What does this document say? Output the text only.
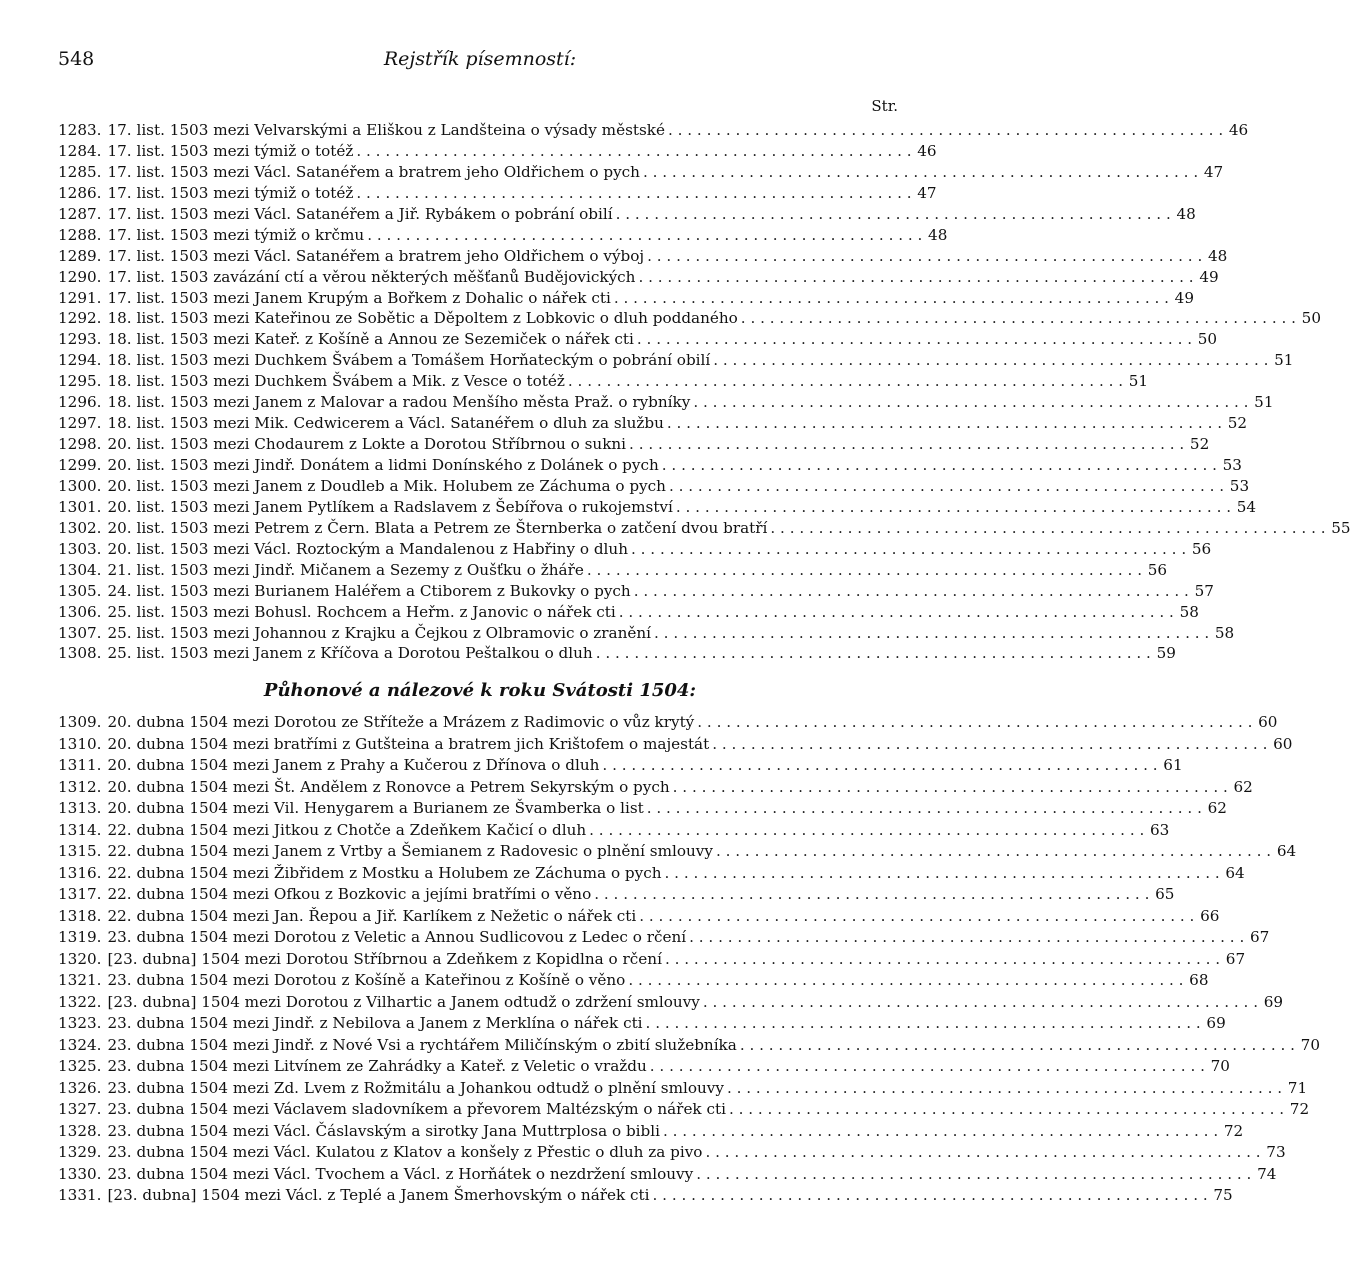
548	Rejstřík písemností:
Str.
1283. 17. list. 1503 mezi Velvarskými a Eliškou z Landšteina o výsady městské . . .	46
1284. 17. list. 1503 mezi týmiž o totéž . . .	46
1285. 17. list. 1503 mezi Václ. Satanéřem a bratrem jeho Oldřichem o pych . . .	47
1286. 17. list. 1503 mezi týmiž o totéž . . .	47
1287. 17. list. 1503 mezi Václ. Satanéřem a Jiř. Rybákem o pobrání obilí . . .	48
1288. 17. list. 1503 mezi týmiž o krčmu . . .	48
1289. 17. list. 1503 mezi Václ. Satanéřem a bratrem jeho Oldřichem o výboj . . .	48
1290. 17. list. 1503 zavázání ctí a věrou některých měšťanů Budějovických . . .	49
1291. 17. list. 1503 mezi Janem Krupým a Bořkem z Dohalic o nářek cti . . .	49
1292. 18. list. 1503 mezi Kateřinou ze Sobětic a Děpoltem z Lobkovic o dluh poddaného . . .	50
1293. 18. list. 1503 mezi Kateř. z Košíně a Annou ze Sezemiček o nářek cti . . .	50
1294. 18. list. 1503 mezi Duchkem Švábem a Tomášem Horňateckým o pobrání obilí . . .	51
1295. 18. list. 1503 mezi Duchkem Švábem a Mik. z Vesce o totéž . . .	51
1296. 18. list. 1503 mezi Janem z Malovar a radou Menšího města Praž. o rybníky . . .	51
1297. 18. list. 1503 mezi Mik. Cedwicerem a Václ. Satanéřem o dluh za službu . . .	52
1298. 20. list. 1503 mezi Chodaurem z Lokte a Dorotou Stříbrnou o sukni . . .	52
1299. 20. list. 1503 mezi Jindř. Donátem a lidmi Donínského z Dolánek o pych . . .	53
1300. 20. list. 1503 mezi Janem z Doudleb a Mik. Holubem ze Záchuma o pych . . .	53
1301. 20. list. 1503 mezi Janem Pytlíkem a Radslavem z Šebířova o rukojemství . . .	54
1302. 20. list. 1503 mezi Petrem z Čern. Blata a Petrem ze Šternberka o zatčení dvou bratří . . .	55
1303. 20. list. 1503 mezi Václ. Roztockým a Mandalenou z Habřiny o dluh . . .	56
1304. 21. list. 1503 mezi Jindř. Mičanem a Sezemy z Oušťku o žháře . . .	56
1305. 24. list. 1503 mezi Burianem Haléřem a Ctiborem z Bukovky o pych . . .	57
1306. 25. list. 1503 mezi Bohusl. Rochcem a Heřm. z Janovic o nářek cti . . .	58
1307. 25. list. 1503 mezi Johannou z Krajku a Čejkou z Olbramovic o zranění . . .	58
1308. 25. list. 1503 mezi Janem z Kříčova a Dorotou Peštalkou o dluh . . .	59
Půhonové a nálezové k roku Svátosti 1504:
1309. 20. dubna 1504 mezi Dorotou ze Stříteže a Mrázem z Radimovic o vůz krytý . . .	60
1310. 20. dubna 1504 mezi bratřími z Gutšteina a bratrem jich Krištofem o majestát . . .	60
1311. 20. dubna 1504 mezi Janem z Prahy a Kučerou z Dřínova o dluh . . .	61
1312. 20. dubna 1504 mezi Št. Andělem z Ronovce a Petrem Sekyrským o pych . . .	62
1313. 20. dubna 1504 mezi Vil. Henygarem a Burianem ze Švamberka o list . . .	62
1314. 22. dubna 1504 mezi Jitkou z Chotče a Zdeňkem Kačicí o dluh . . .	63
1315. 22. dubna 1504 mezi Janem z Vrtby a Šemianem z Radovesic o plnění smlouvy . . .	64
1316. 22. dubna 1504 mezi Žibřidem z Mostku a Holubem ze Záchuma o pych . . .	64
1317. 22. dubna 1504 mezi Ofkou z Bozkovic a jejími bratřími o věno . . .	65
1318. 22. dubna 1504 mezi Jan. Řepou a Jiř. Karlíkem z Nežetic o nářek cti . . .	66
1319. 23. dubna 1504 mezi Dorotou z Veletic a Annou Sudlicovou z Ledec o rčení . . .	67
1320. [23. dubna] 1504 mezi Dorotou Stříbrnou a Zdeňkem z Kopidlna o rčení . . .	67
1321. 23. dubna 1504 mezi Dorotou z Košíně a Kateřinou z Košíně o věno . . .	68
1322. [23. dubna] 1504 mezi Dorotou z Vilhartic a Janem odtudž o zdržení smlouvy . . .	69
1323. 23. dubna 1504 mezi Jindř. z Nebilova a Janem z Merklína o nářek cti . . .	69
1324. 23. dubna 1504 mezi Jindř. z Nové Vsi a rychtářem Miličínským o zbití služebníka . . .	70
1325. 23. dubna 1504 mezi Litvínem ze Zahrádky a Kateř. z Veletic o vraždu . . .	70
1326. 23. dubna 1504 mezi Zd. Lvem z Rožmitálu a Johankou odtudž o plnění smlouvy . . .	71
1327. 23. dubna 1504 mezi Václavem sladovníkem a převorem Maltézským o nářek cti . . .	72
1328. 23. dubna 1504 mezi Václ. Čáslavským a sirotky Jana Muttrplosa o bibli . . .	72
1329. 23. dubna 1504 mezi Václ. Kulatou z Klatov a konšely z Přestic o dluh za pivo . . .	73
1330. 23. dubna 1504 mezi Václ. Tvochem a Václ. z Horňátek o nezdržení smlouvy . . .	74
1331. [23. dubna] 1504 mezi Václ. z Teplé a Janem Šmerhovským o nářek cti . . .	75
